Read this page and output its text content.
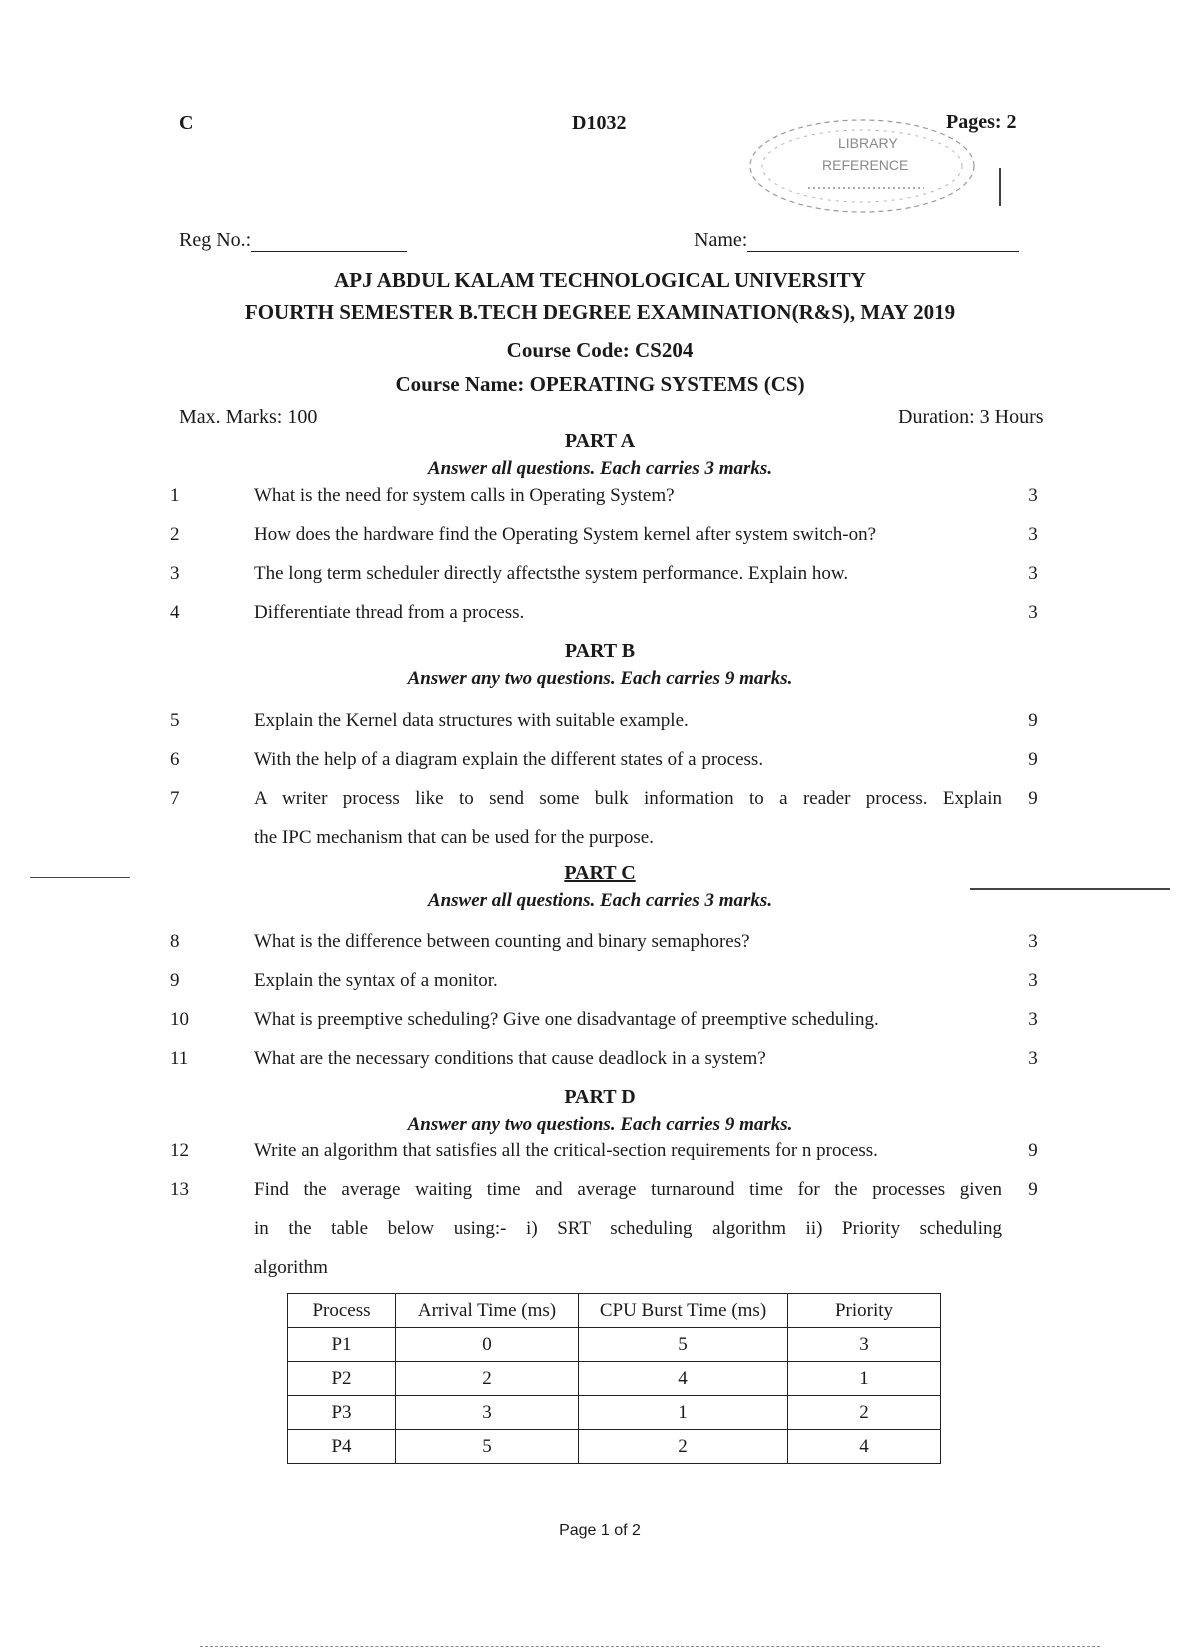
C	D1032
LIBRARY
REFERENCE
Pages: 2
Reg No.:	Name:
APJ ABDUL KALAM TECHNOLOGICAL UNIVERSITY
FOURTH SEMESTER B.TECH DEGREE EXAMINATION(R&S), MAY 2019
Course Code: CS204
Course Name: OPERATING SYSTEMS (CS)
Max. Marks: 100	Duration: 3 Hours
PART A
Answer all questions. Each carries 3 marks.
1	What is the need for system calls in Operating System?	3
2	How does the hardware find the Operating System kernel after system switch-on?	3
3	The long term scheduler directly affectsthe system performance. Explain how.	3
4	Differentiate thread from a process.	3
PART B
Answer any two questions. Each carries 9 marks.
5	Explain the Kernel data structures with suitable example.	9
6	With the help of a diagram explain the different states of a process.	9
7	A writer process like to send some bulk information to a reader process. Explain
the IPC mechanism that can be used for the purpose.
9
PART C
Answer all questions. Each carries 3 marks.
8	What is the difference between counting and binary semaphores?	3
9	Explain the syntax of a monitor.	3
10	What is preemptive scheduling? Give one disadvantage of preemptive scheduling.	3
11	What are the necessary conditions that cause deadlock in a system?	3
PART D
Answer any two questions. Each carries 9 marks.
12	Write an algorithm that satisfies all the critical-section requirements for n process.	9
13	Find the average waiting time and average turnaround time for the processes given
in the table below using:- i) SRT scheduling algorithm ii) Priority scheduling
algorithm
9
Process	Arrival Time (ms)	CPU Burst Time (ms)	Priority
P1	0	5	3
P2	2	4	1
P3	3	1	2
P4	5	2	4
Page 1 of 2
